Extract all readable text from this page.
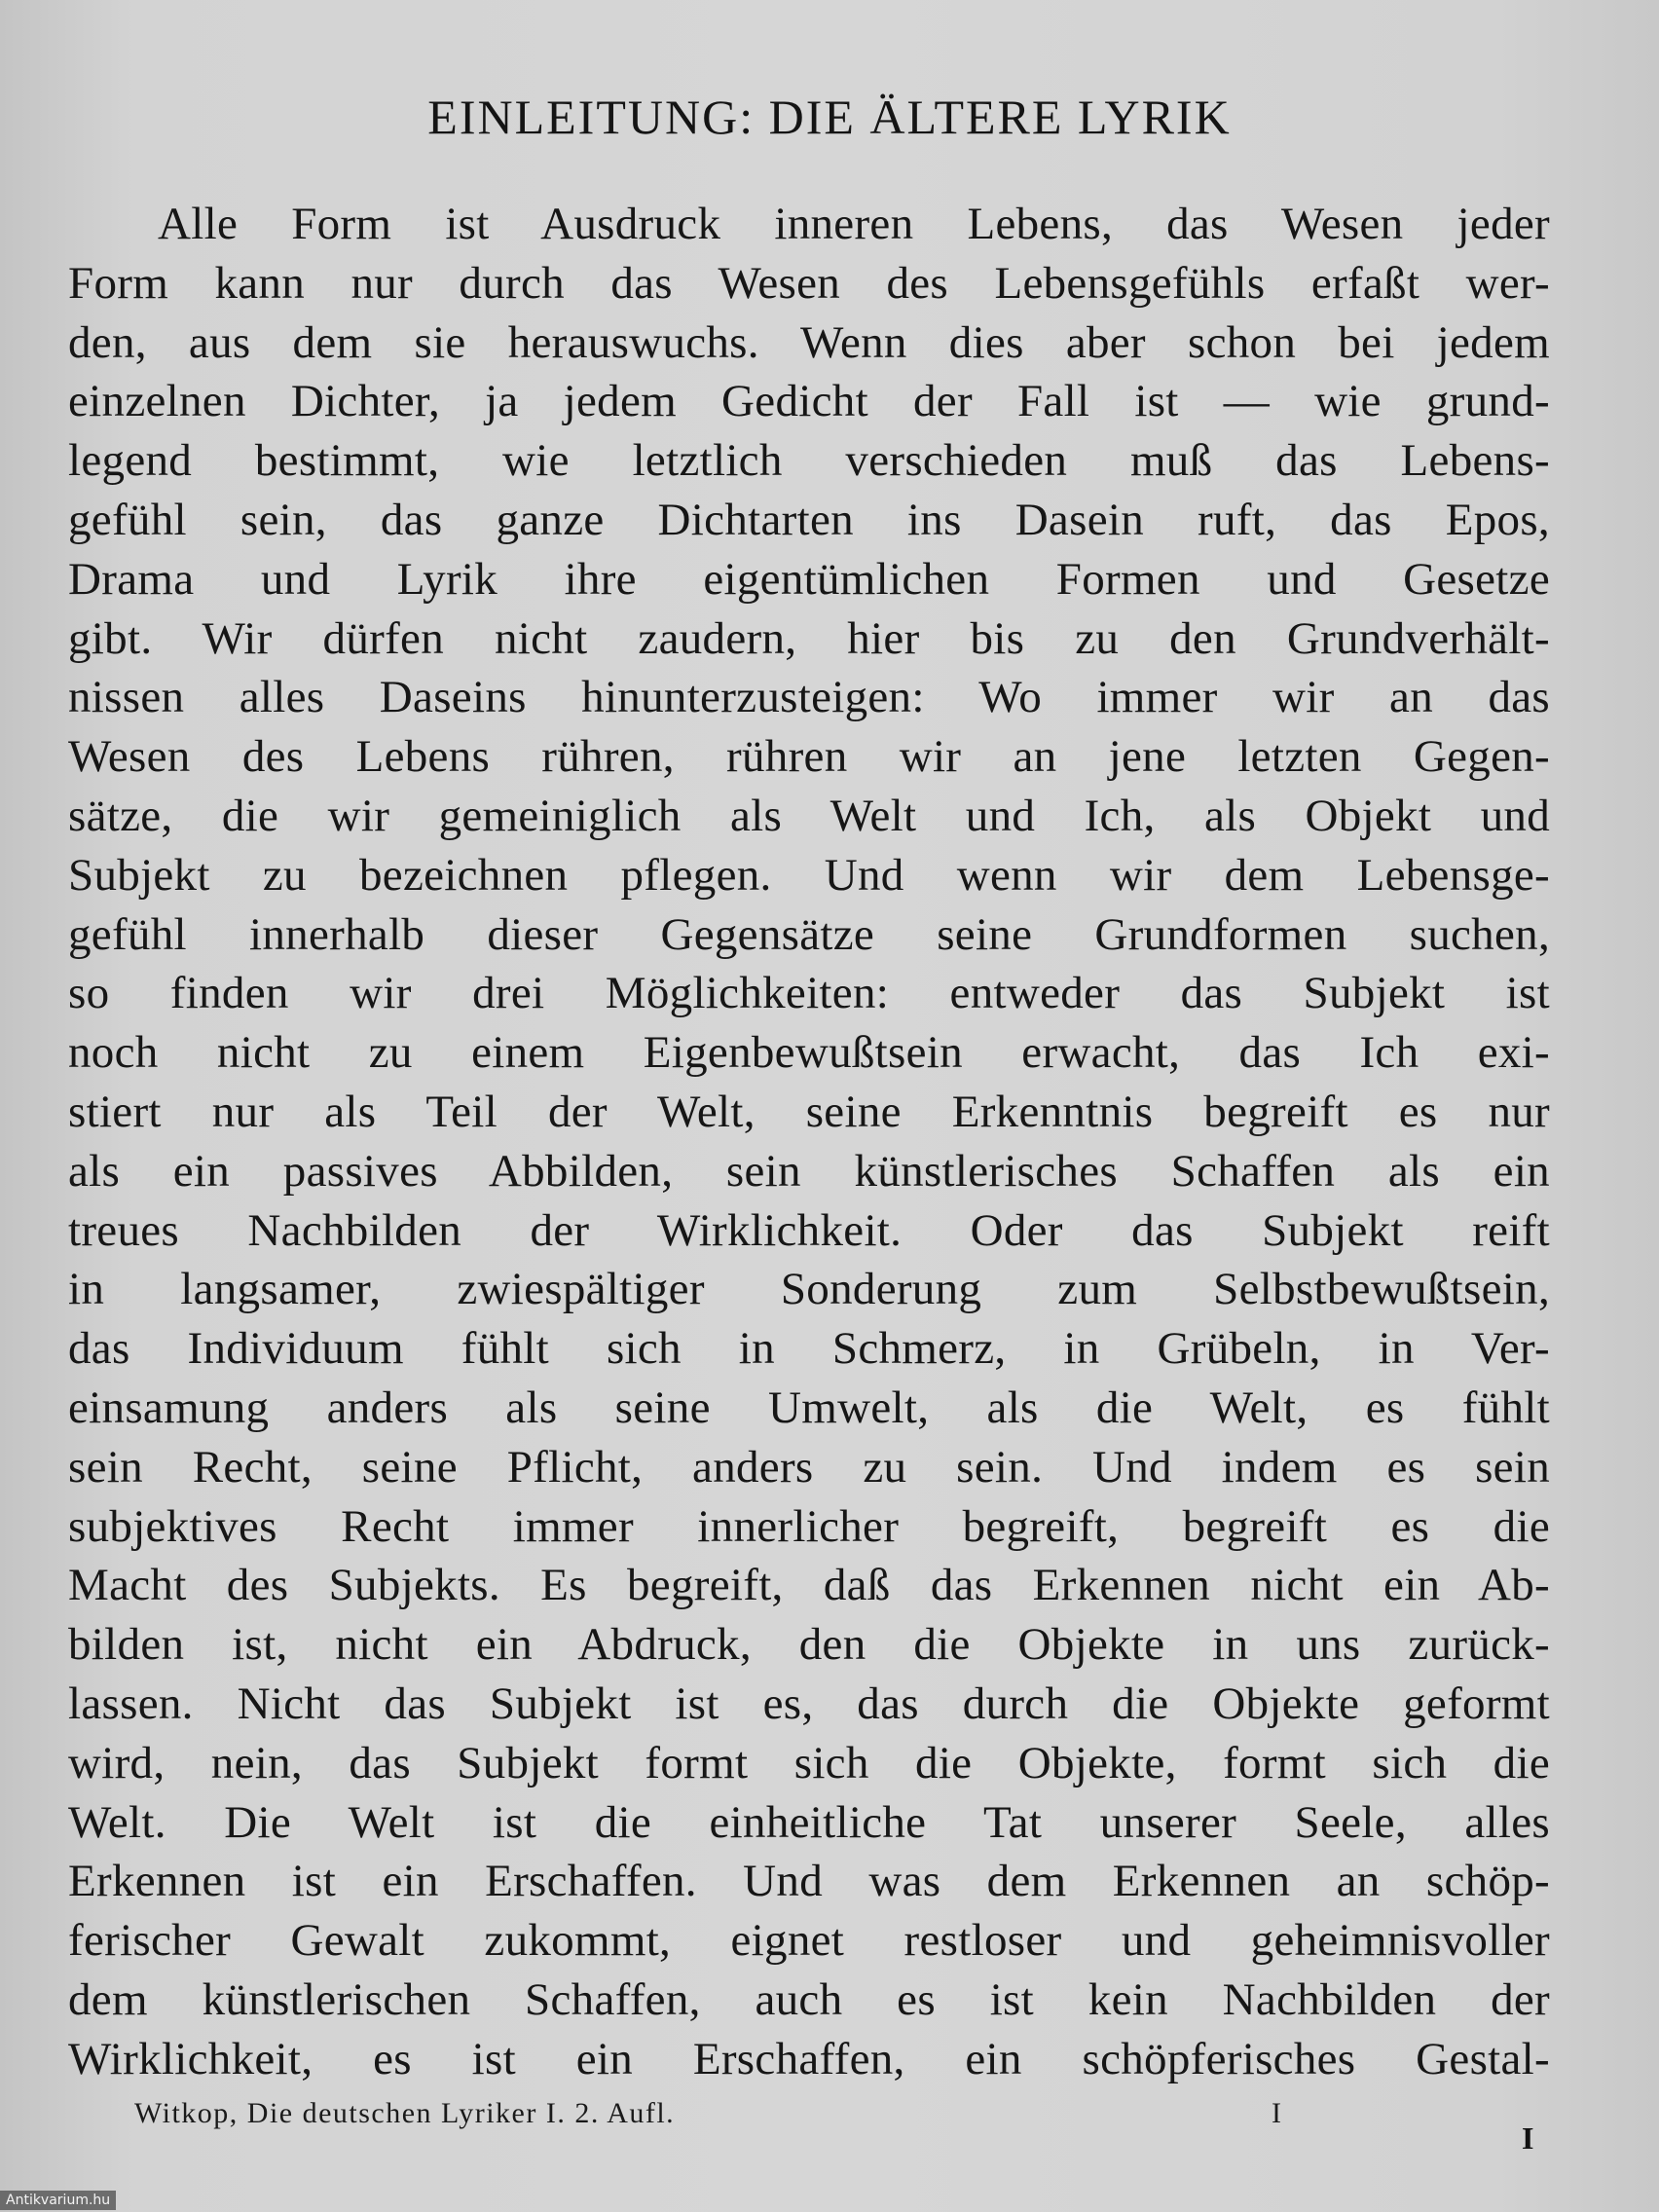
EINLEITUNG: DIE ÄLTERE LYRIK
Alle Form ist Ausdruck inneren Lebens, das Wesen jeder
Form kann nur durch das Wesen des Lebensgefühls erfaßt wer-
den, aus dem sie herauswuchs. Wenn dies aber schon bei jedem
einzelnen Dichter, ja jedem Gedicht der Fall ist — wie grund-
legend bestimmt, wie letztlich verschieden muß das Lebens-
gefühl sein, das ganze Dichtarten ins Dasein ruft, das Epos,
Drama und Lyrik ihre eigentümlichen Formen und Gesetze
gibt. Wir dürfen nicht zaudern, hier bis zu den Grundverhält-
nissen alles Daseins hinunterzusteigen: Wo immer wir an das
Wesen des Lebens rühren, rühren wir an jene letzten Gegen-
sätze, die wir gemeiniglich als Welt und Ich, als Objekt und
Subjekt zu bezeichnen pflegen. Und wenn wir dem Lebensge-
gefühl innerhalb dieser Gegensätze seine Grundformen suchen,
so finden wir drei Möglichkeiten: entweder das Subjekt ist
noch nicht zu einem Eigenbewußtsein erwacht, das Ich exi-
stiert nur als Teil der Welt, seine Erkenntnis begreift es nur
als ein passives Abbilden, sein künstlerisches Schaffen als ein
treues Nachbilden der Wirklichkeit. Oder das Subjekt reift
in langsamer, zwiespältiger Sonderung zum Selbstbewußtsein,
das Individuum fühlt sich in Schmerz, in Grübeln, in Ver-
einsamung anders als seine Umwelt, als die Welt, es fühlt
sein Recht, seine Pflicht, anders zu sein. Und indem es sein
subjektives Recht immer innerlicher begreift, begreift es die
Macht des Subjekts. Es begreift, daß das Erkennen nicht ein Ab-
bilden ist, nicht ein Abdruck, den die Objekte in uns zurück-
lassen. Nicht das Subjekt ist es, das durch die Objekte geformt
wird, nein, das Subjekt formt sich die Objekte, formt sich die
Welt. Die Welt ist die einheitliche Tat unserer Seele, alles
Erkennen ist ein Erschaffen. Und was dem Erkennen an schöp-
ferischer Gewalt zukommt, eignet restloser und geheimnisvoller
dem künstlerischen Schaffen, auch es ist kein Nachbilden der
Wirklichkeit, es ist ein Erschaffen, ein schöpferisches Gestal-
Witkop, Die deutschen Lyriker I. 2. Aufl.	I
I
Antikvarium.hu
